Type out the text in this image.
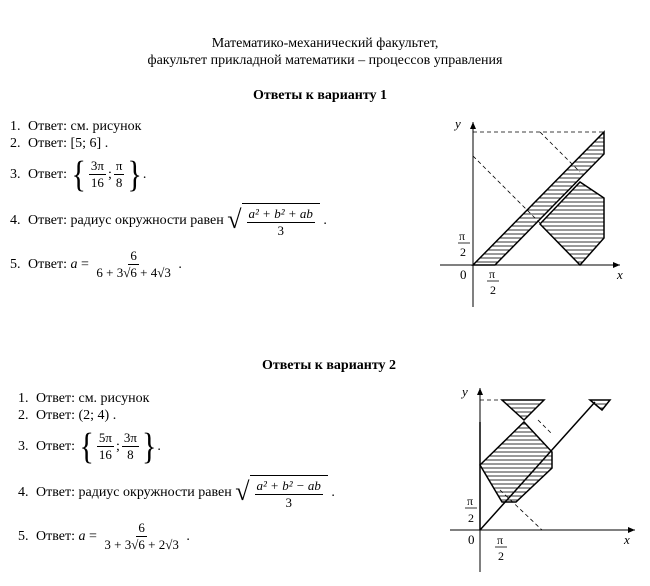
Математико-механический факультет,
факультет прикладной математики – процессов управления
Ответы к варианту 1
1. Ответ: см. рисунок
2. Ответ: [5; 6] .
3. Ответ:
{ $\frac{3\pi}{16}$ ; $\frac{\pi}{8}$ } .
4. Ответ: радиус окружности равен
√ $\frac{\text{a² + b² + ab}}{3}$ .
5. Ответ:
$a = \frac{6}{6 + 3√6 + 4√3}$ .
y
x
0
π
2
π
2
Ответы к варианту 2
1. Ответ: см. рисунок
2. Ответ: (2; 4) .
3. Ответ:
{ $\frac{5\pi}{16}$ ; $\frac{3\pi}{8}$ } .
4. Ответ: радиус окружности равен
√ $\frac{\text{a² + b² − ab}}{3}$ .
5. Ответ:
$a = \frac{6}{3 + 3√6 + 2√3}$ .
y
x
0
π
2
π
2
